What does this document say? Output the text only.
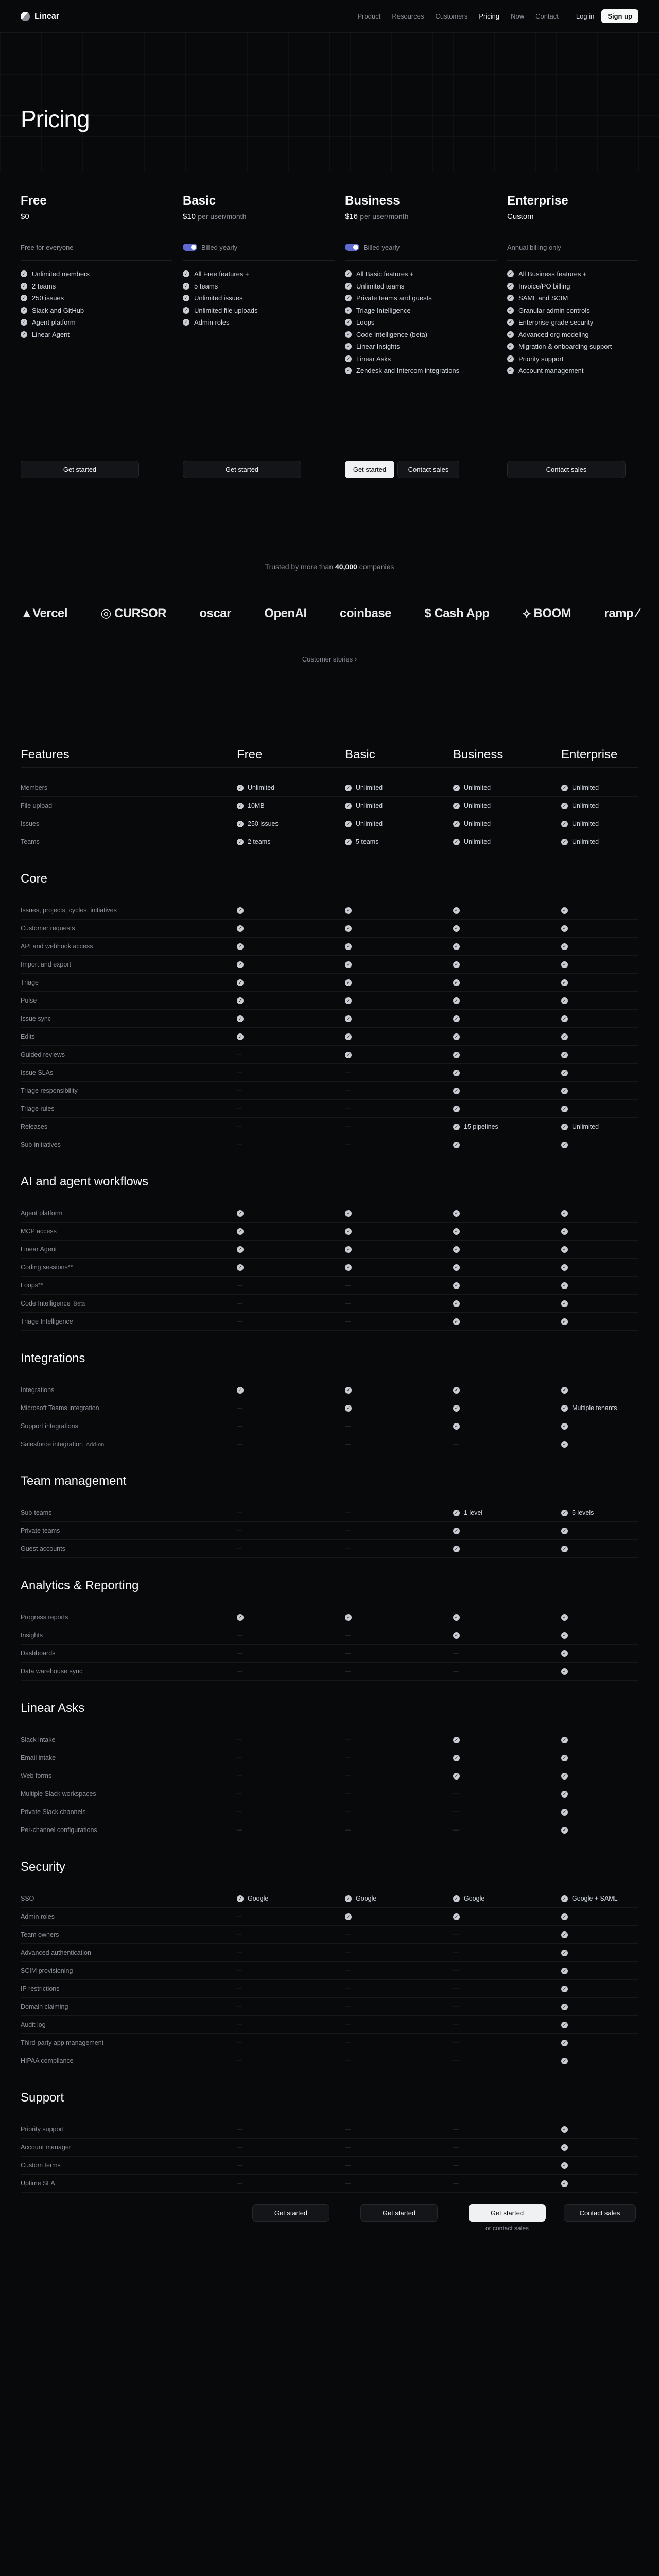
Linear	Product Resources Customers Pricing Now Contact	Log in	Sign up
Pricing
Free
$0
Free for everyone
✓ Unlimited members
✓ 2 teams
✓ 250 issues
✓ Slack and GitHub
✓ Agent platform
✓ Linear Agent
Get started
Basic
$10 per user/month
Billed yearly
✓ All Free features +
✓ 5 teams
✓ Unlimited issues
✓ Unlimited file uploads
✓ Admin roles
Get started
Business
$16 per user/month
Billed yearly
✓ All Basic features +
✓ Unlimited teams
✓ Private teams and guests
✓ Triage Intelligence
✓ Loops
✓ Code Intelligence (beta)
✓ Linear Insights
✓ Linear Asks
✓ Zendesk and Intercom integrations
Get started	Contact sales
Enterprise
Custom
Annual billing only
✓ All Business features +
✓ Invoice/PO billing
✓ SAML and SCIM
✓ Granular admin controls
✓ Enterprise-grade security
✓ Advanced org modeling
✓ Migration & onboarding support
✓ Priority support
✓ Account management
Contact sales
Trusted by more than 40,000 companies
▲Vercel	◎ CURSOR	oscar	OpenAI	coinbase	$ Cash App	⟡ BOOM	ramp ⁄
Customer stories ›
Features	Free	Basic	Business	Enterprise
Members	✓ Unlimited	✓ Unlimited	✓ Unlimited	✓ Unlimited
File upload	✓ 10MB	✓ Unlimited	✓ Unlimited	✓ Unlimited
Issues	✓ 250 issues	✓ Unlimited	✓ Unlimited	✓ Unlimited
Teams	✓ 2 teams	✓ 5 teams	✓ Unlimited	✓ Unlimited
Core
Issues, projects, cycles, initiatives	✓	✓	✓	✓
Customer requests	✓	✓	✓	✓
API and webhook access	✓	✓	✓	✓
Import and export	✓	✓	✓	✓
Triage	✓	✓	✓	✓
Pulse	✓	✓	✓	✓
Issue sync	✓	✓	✓	✓
Edits	✓	✓	✓	✓
Guided reviews	—	✓	✓	✓
Issue SLAs	—	—	✓	✓
Triage responsibility	—	—	✓	✓
Triage rules	—	—	✓	✓
Releases	—	—	✓ 15 pipelines	✓ Unlimited
Sub-initiatives	—	—	✓	✓
AI and agent workflows
Agent platform	✓	✓	✓	✓
MCP access	✓	✓	✓	✓
Linear Agent	✓	✓	✓	✓
Coding sessions**	✓	✓	✓	✓
Loops**	—	—	✓	✓
Code Intelligence Beta	—	—	✓	✓
Triage Intelligence	—	—	✓	✓
Integrations
Integrations	✓	✓	✓	✓
Microsoft Teams integration	—	✓	✓	✓ Multiple tenants
Support integrations	—	—	✓	✓
Salesforce integration Add-on	—	—	—	✓
Team management
Sub-teams	—	—	✓ 1 level	✓ 5 levels
Private teams	—	—	✓	✓
Guest accounts	—	—	✓	✓
Analytics & Reporting
Progress reports	✓	✓	✓	✓
Insights	—	—	✓	✓
Dashboards	—	—	—	✓
Data warehouse sync	—	—	—	✓
Linear Asks
Slack intake	—	—	✓	✓
Email intake	—	—	✓	✓
Web forms	—	—	✓	✓
Multiple Slack workspaces	—	—	—	✓
Private Slack channels	—	—	—	✓
Per-channel configurations	—	—	—	✓
Security
SSO	✓ Google	✓ Google	✓ Google	✓ Google + SAML
Admin roles	—	✓	✓	✓
Team owners	—	—	—	✓
Advanced authentication	—	—	—	✓
SCIM provisioning	—	—	—	✓
IP restrictions	—	—	—	✓
Domain claiming	—	—	—	✓
Audit log	—	—	—	✓
Third-party app management	—	—	—	✓
HIPAA compliance	—	—	—	✓
Support
Priority support	—	—	—	✓
Account manager	—	—	—	✓
Custom terms	—	—	—	✓
Uptime SLA	—	—	—	✓
Get started	Get started	Get started
or contact sales
Contact sales
